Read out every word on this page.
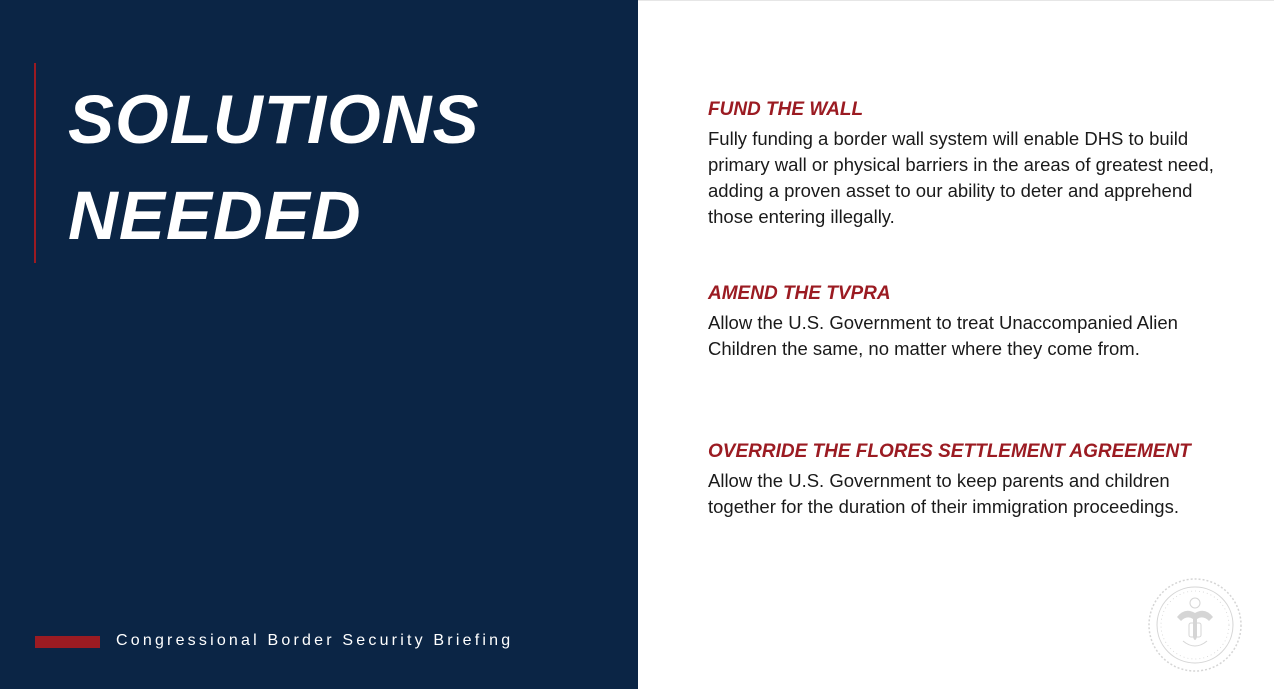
SOLUTIONS
NEEDED
Congressional Border Security Briefing
FUND THE WALL

Fully funding a border wall system will enable DHS to build primary wall or physical barriers in the areas of greatest need, adding a proven asset to our ability to deter and apprehend those entering illegally.

AMEND THE TVPRA

Allow the U.S. Government to treat Unaccompanied Alien Children the same, no matter where they come from.

OVERRIDE THE FLORES SETTLEMENT AGREEMENT

Allow the U.S. Government to keep parents and children together for the duration of their immigration proceedings.
